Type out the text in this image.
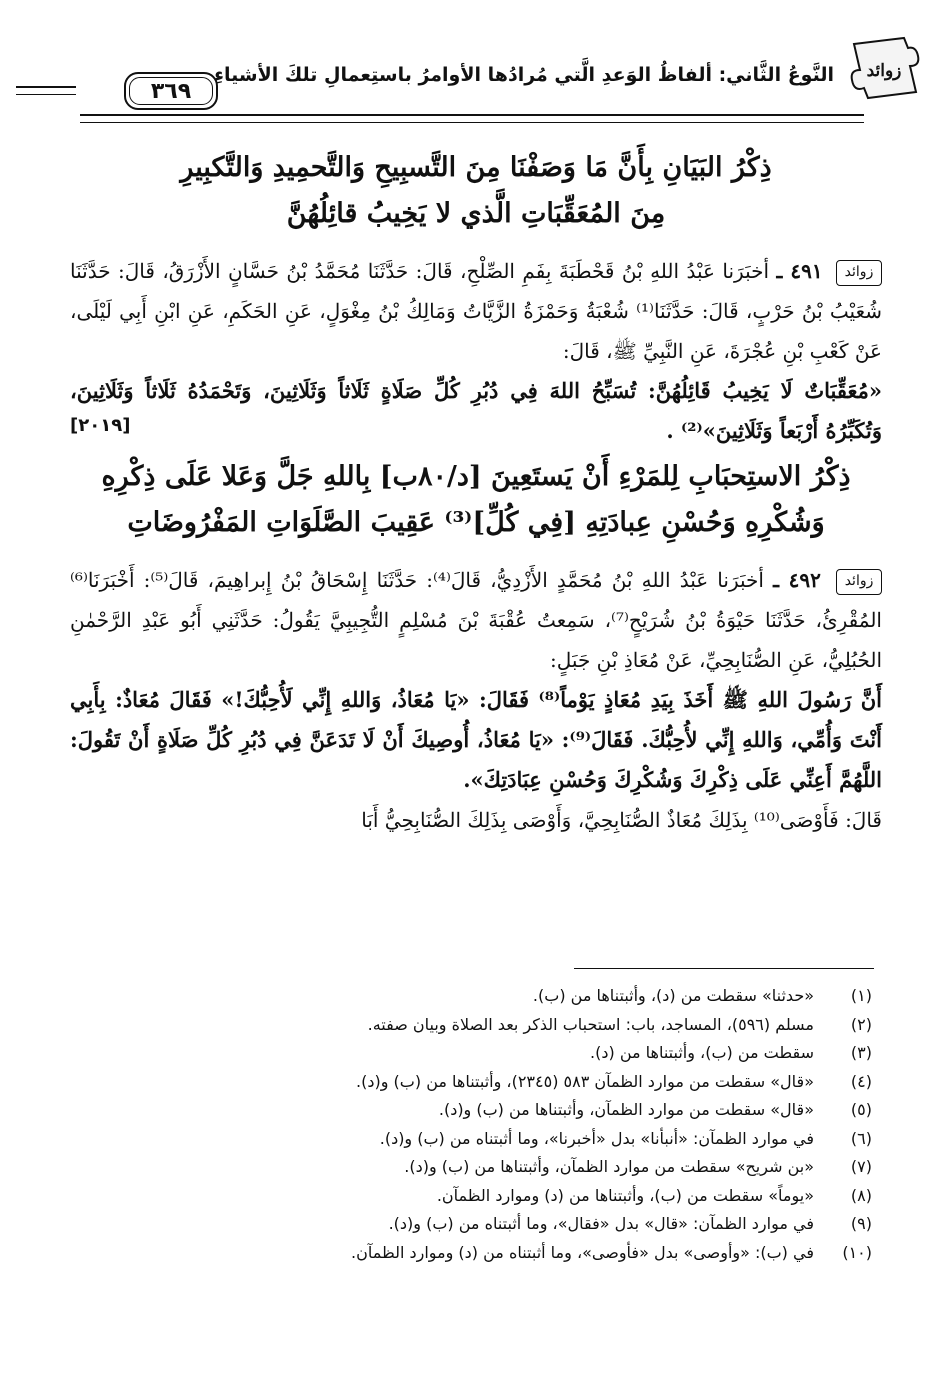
زوائد
النَّوعُ الثَّاني: ألفاظُ الوَعدِ الَّتي مُرادُها الأوامرُ باستِعمالِ تلكَ الأشياءِ
٣٦٩
ذِكْرُ البَيَانِ بِأَنَّ مَا وَصَفْنَا مِنَ التَّسبِيحِ وَالتَّحمِيدِ وَالتَّكبِيرِ
مِنَ المُعَقِّبَاتِ الَّذي لا يَخِيبُ قائِلُهُنَّ

زوائد ٤٩١ ـ أخبَرَنا عَبْدُ اللهِ بْنُ قَحْطَبَةَ بِفَمِ الصِّلْحِ، قَالَ: حَدَّثَنَا مُحَمَّدُ بْنُ حَسَّانٍ الأَزْرَقُ، قَالَ: حَدَّثَنَا شُعَيْبُ بْنُ حَرْبٍ، قَالَ: حَدَّثَنَا⁽¹⁾ شُعْبَةُ وَحَمْزَةُ الزَّيَّاتُ وَمَالِكُ بْنُ مِغْوَلٍ، عَنِ الحَكَمِ، عَنِ ابْنِ أَبِي لَيْلَى، عَنْ كَعْبِ بْنِ عُجْرَةَ، عَنِ النَّبِيِّ ﷺ، قَالَ:

«مُعَقِّبَاتٌ لَا يَخِيبُ قَائِلُهُنَّ: تُسَبِّحُ اللهَ فِي دُبُرِ كُلِّ صَلَاةٍ ثَلَاثاً وَثَلَاثِينَ، وَتَحْمَدُهُ ثَلَاثاً وَثَلَاثِينَ، وَتُكَبِّرُهُ أَرْبَعاً وَثَلَاثِينَ»⁽²⁾ .

[٢٠١٩]
ذِكْرُ الاستِحبَابِ لِلمَرْءِ أَنْ يَستَعِينَ [د/٨٠ب] بِاللهِ جَلَّ وَعَلا عَلَى ذِكْرِهِ
وَشُكْرِهِ وَحُسْنِ عِبادَتِهِ [فِي كُلِّ]⁽³⁾ عَقِيبَ الصَّلَوَاتِ المَفْرُوضَاتِ

زوائد ٤٩٢ ـ أخبَرَنا عَبْدُ اللهِ بْنُ مُحَمَّدٍ الأَزْدِيُّ، قَالَ⁽⁴⁾: حَدَّثَنَا إِسْحَاقُ بْنُ إِبراهِيمَ، قَالَ⁽⁵⁾: أَخْبَرَنَا⁽⁶⁾ المُقْرِئُ، حَدَّثَنَا حَيْوَةُ بْنُ شُرَيْحٍ⁽⁷⁾، سَمِعتُ عُقْبَةَ بْنَ مُسْلِمٍ التُّجِيبِيَّ يَقُولُ: حَدَّثَنِي أَبُو عَبْدِ الرَّحْمٰنِ الحُبُلِيُّ، عَنِ الصُّنَابِحِيِّ، عَنْ مُعَاذِ بْنِ جَبَلٍ:

أَنَّ رَسُولَ اللهِ ﷺ أَخَذَ بِيَدِ مُعَاذٍ يَوْماً⁽⁸⁾ فَقَالَ: «يَا مُعَاذُ، وَاللهِ إِنِّي لَأُحِبُّكَ!» فَقَالَ مُعَاذٌ: بِأَبِي أَنْتَ وَأُمِّي، وَاللهِ إِنِّي لأُحِبُّكَ. فَقَالَ⁽⁹⁾: «يَا مُعَاذُ، أُوصِيكَ أَنْ لَا تَدَعَنَّ فِي دُبُرِ كُلِّ صَلَاةٍ أَنْ تَقُولَ: اللَّهُمَّ أَعِنِّي عَلَى ذِكْرِكَ وَشُكْرِكَ وَحُسْنِ عِبَادَتِكَ».

قَالَ: فَأَوْصَى⁽¹⁰⁾ بِذَلِكَ مُعَاذٌ الصُّنَابِحِيَّ، وَأَوْصَى بِذَلِكَ الصُّنَابِحِيُّ أَبَا

(١)
«حدثنا» سقطت من (د)، وأثبتناها من (ب).
(٢)
مسلم (٥٩٦)، المساجد، باب: استحباب الذكر بعد الصلاة وبيان صفته.
(٣)
سقطت من (ب)، وأثبتناها من (د).
(٤)
«قال» سقطت من موارد الظمآن ٥٨٣ (٢٣٤٥)، وأثبتناها من (ب) و(د).
(٥)
«قال» سقطت من موارد الظمآن، وأثبتناها من (ب) و(د).
(٦)
في موارد الظمآن: «أنبأنا» بدل «أخبرنا»، وما أثبتناه من (ب) و(د).
(٧)
«بن شريح» سقطت من موارد الظمآن، وأثبتناها من (ب) و(د).
(٨)
«يوماً» سقطت من (ب)، وأثبتناها من (د) وموارد الظمآن.
(٩)
في موارد الظمآن: «قال» بدل «فقال»، وما أثبتناه من (ب) و(د).
(١٠)
في (ب): «وأوصى» بدل «فأوصى»، وما أثبتناه من (د) وموارد الظمآن.
